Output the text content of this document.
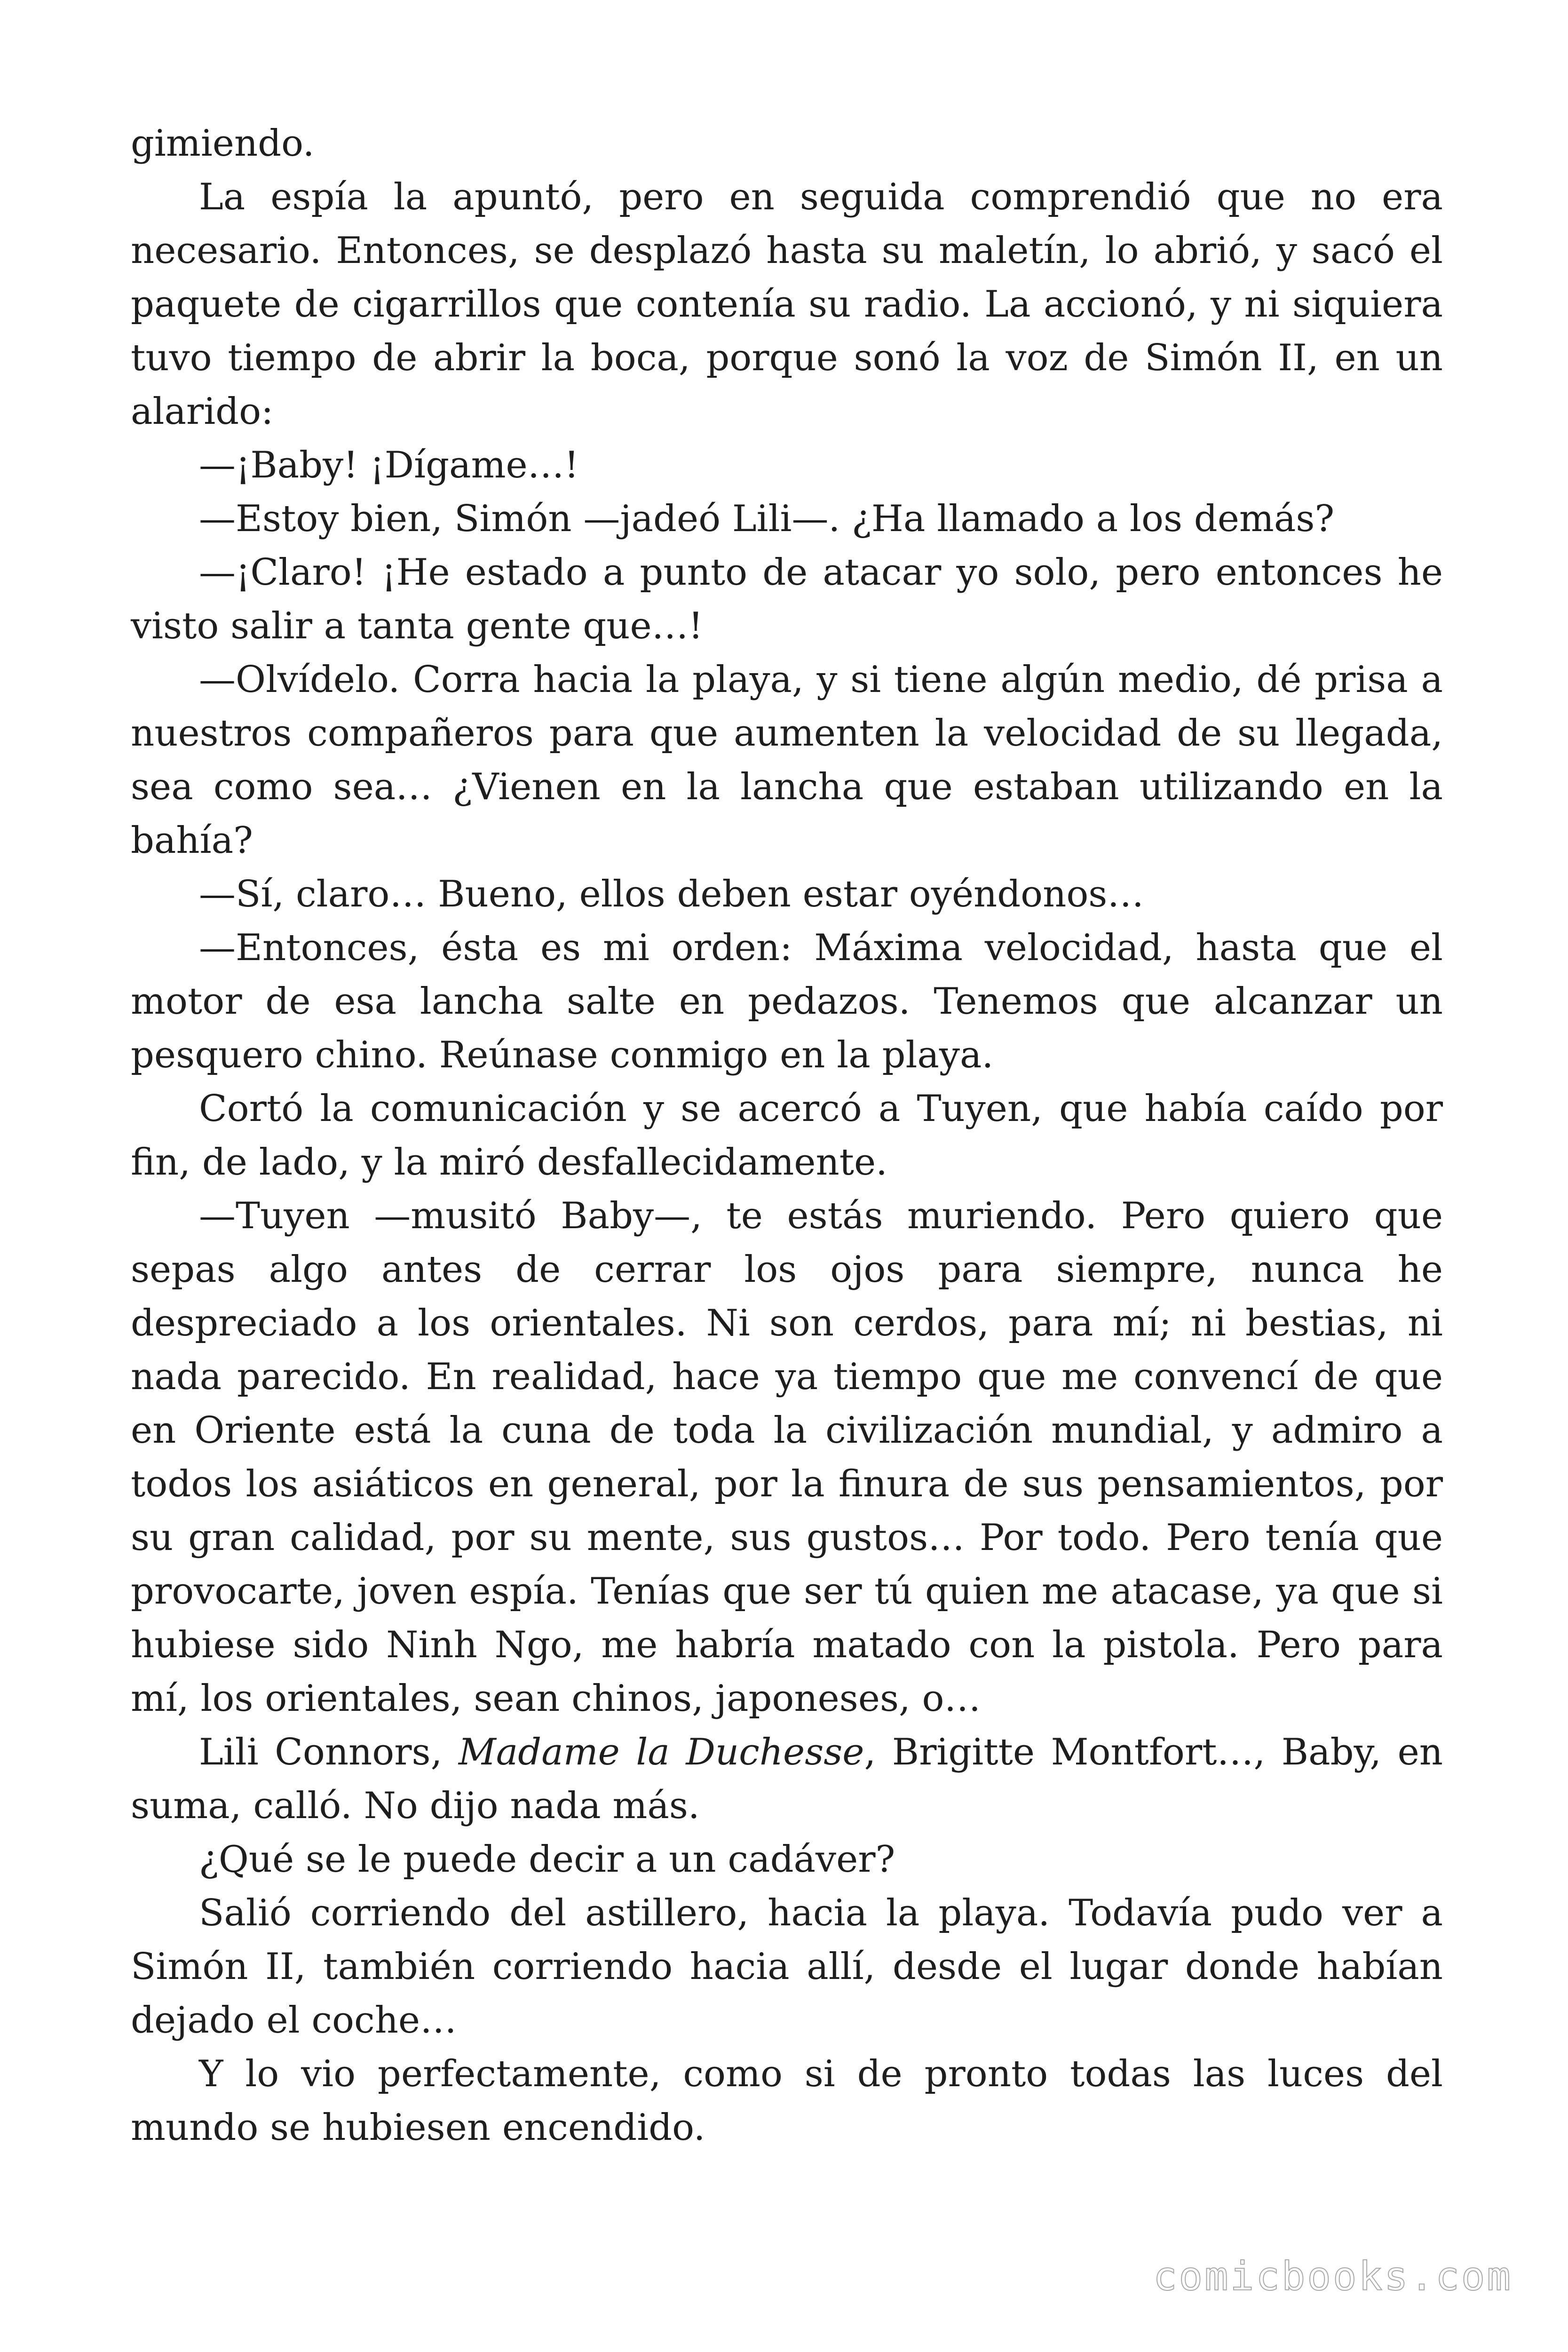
gimiendo.

La espía la apuntó, pero en seguida comprendió que no era necesario. Entonces, se desplazó hasta su maletín, lo abrió, y sacó el paquete de cigarrillos que contenía su radio. La accionó, y ni siquiera tuvo tiempo de abrir la boca, porque sonó la voz de Simón II, en un alarido:

—¡Baby! ¡Dígame…!

—Estoy bien, Simón —jadeó Lili—. ¿Ha llamado a los demás?

—¡Claro! ¡He estado a punto de atacar yo solo, pero entonces he visto salir a tanta gente que…!

—Olvídelo. Corra hacia la playa, y si tiene algún medio, dé prisa a nuestros compañeros para que aumenten la velocidad de su llegada, sea como sea… ¿Vienen en la lancha que estaban utilizando en la bahía?

—Sí, claro… Bueno, ellos deben estar oyéndonos…

—Entonces, ésta es mi orden: Máxima velocidad, hasta que el motor de esa lancha salte en pedazos. Tenemos que alcanzar un pesquero chino. Reúnase conmigo en la playa.

Cortó la comunicación y se acercó a Tuyen, que había caído por fin, de lado, y la miró desfallecidamente.

—Tuyen —musitó Baby—, te estás muriendo. Pero quiero que sepas algo antes de cerrar los ojos para siempre, nunca he despreciado a los orientales. Ni son cerdos, para mí; ni bestias, ni nada parecido. En realidad, hace ya tiempo que me convencí de que en Oriente está la cuna de toda la civilización mundial, y admiro a todos los asiáticos en general, por la finura de sus pensamientos, por su gran calidad, por su mente, sus gustos… Por todo. Pero tenía que provocarte, joven espía. Tenías que ser tú quien me atacase, ya que si hubiese sido Ninh Ngo, me habría matado con la pistola. Pero para mí, los orientales, sean chinos, japoneses, o…

Lili Connors, Madame la Duchesse, Brigitte Montfort…, Baby, en suma, calló. No dijo nada más.

¿Qué se le puede decir a un cadáver?

Salió corriendo del astillero, hacia la playa. Todavía pudo ver a Simón II, también corriendo hacia allí, desde el lugar donde habían dejado el coche…

Y lo vio perfectamente, como si de pronto todas las luces del mundo se hubiesen encendido.

comicbooks.com
